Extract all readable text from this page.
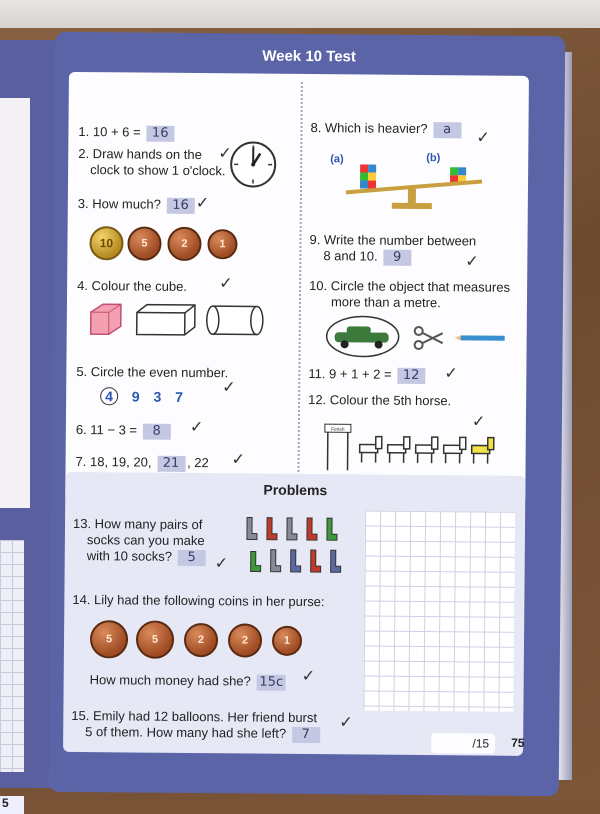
5
Week 10 Test
1. 10 + 6 = 16
2. Draw hands on the
clock to show 1 o'clock.
✓
3. How much? 16 ✓
10	5	2	1
4. Colour the cube. ✓
5. Circle the even number.
4 9 3 7
✓
6. 11 − 3 = 8	✓
7. 18, 19, 20, 21 , 22 ✓
8. Which is heavier? a	✓
(a)	(b)
9. Write the number between
8 and 10. 9	✓
10. Circle the object that measures
more than a metre.
11. 9 + 1 + 2 = 12	✓
12. Colour the 5th horse.
Finish	✓
Problems
13. How many pairs of
socks can you make
with 10 socks? 5	✓
14. Lily had the following coins in her purse:
5	5	2	2	1
How much money had she? 15c	✓
15. Emily had 12 balloons. Her friend burst
5 of them. How many had she left? 7
✓
/15	75
